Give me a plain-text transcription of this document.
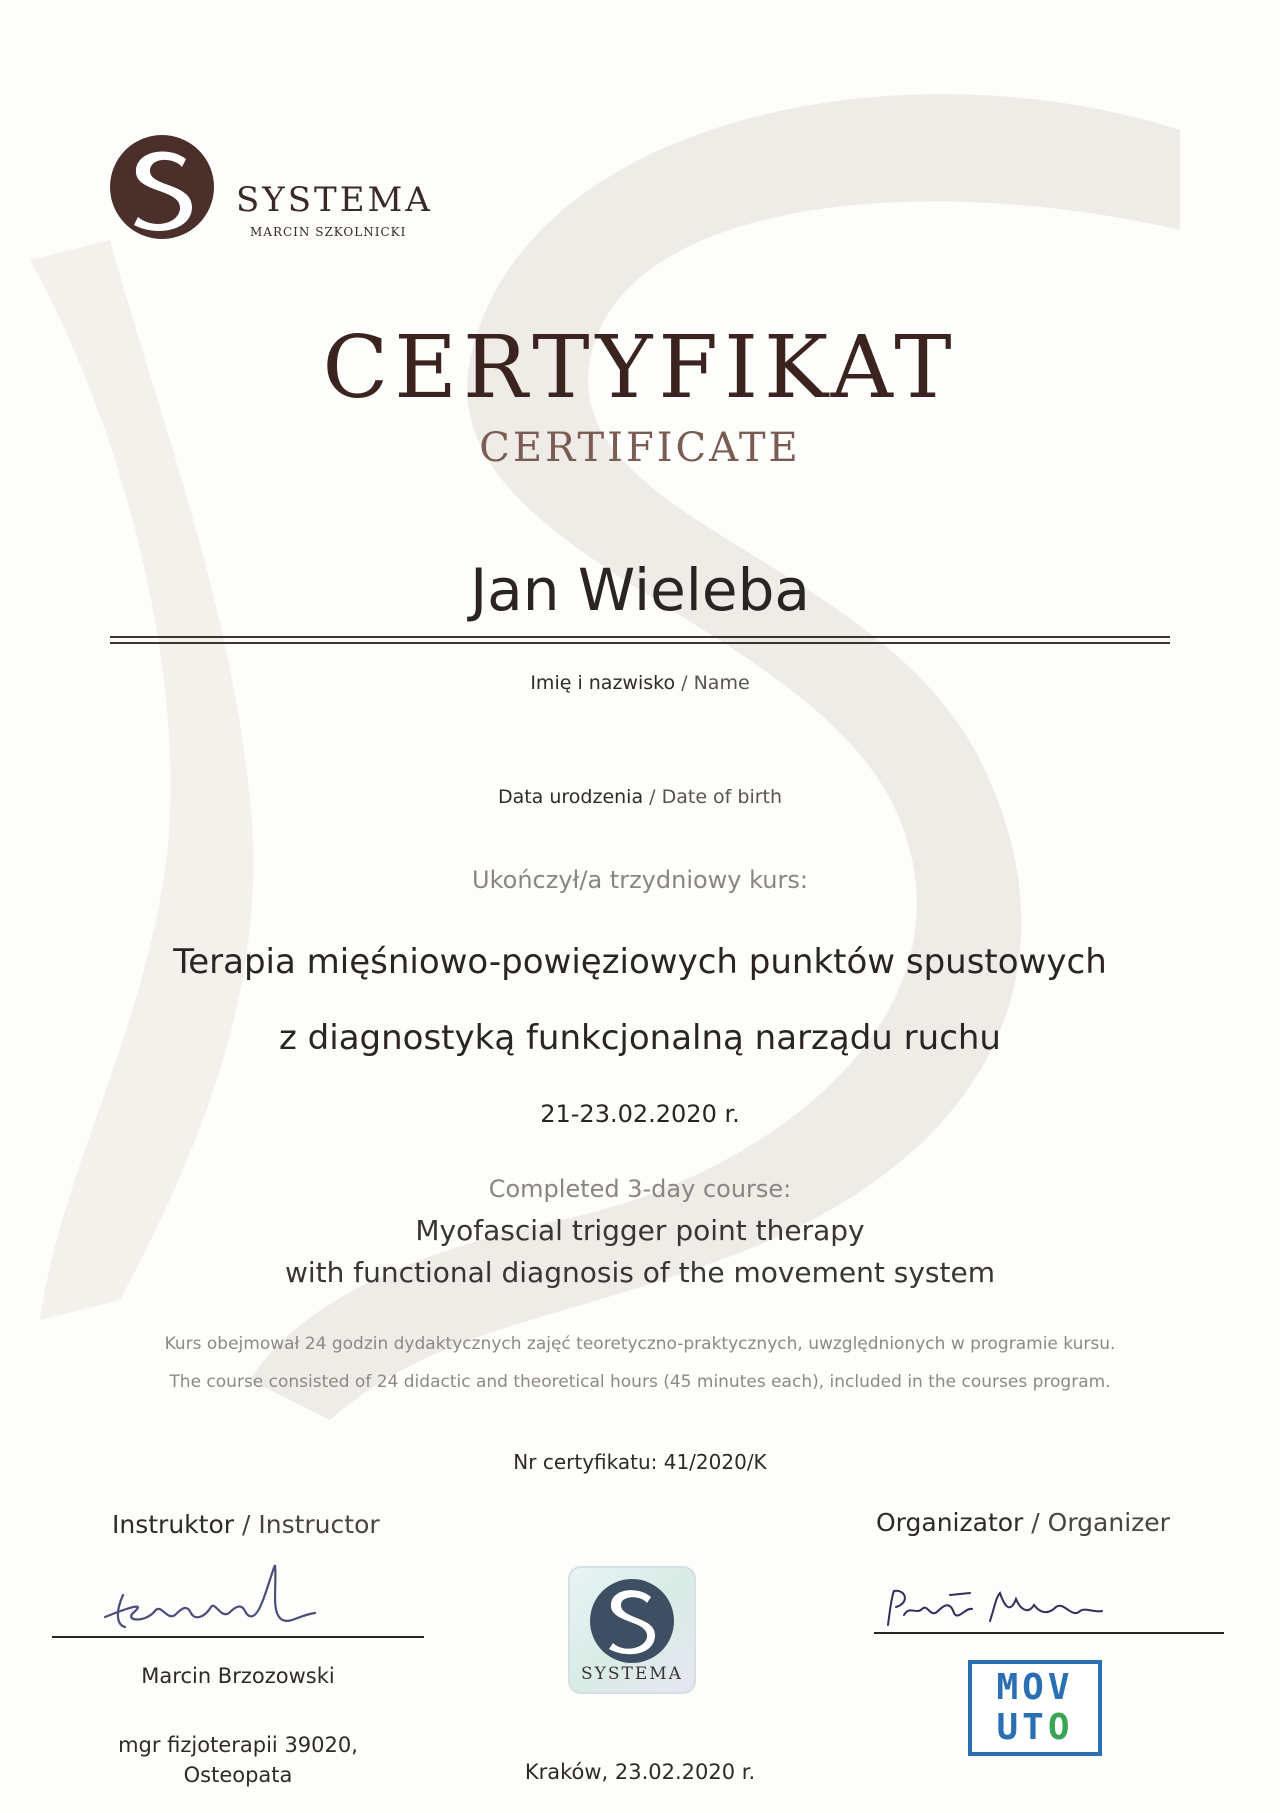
SYSTEMA
MARCIN SZKOLNICKI
CERTYFIKAT
CERTIFICATE
Jan Wieleba
Imię i nazwisko / Name
Data urodzenia / Date of birth
Ukończył/a trzydniowy kurs:
Terapia mięśniowo-powięziowych punktów spustowych
z diagnostyką funkcjonalną narządu ruchu
21-23.02.2020 r.
Completed 3-day course:
Myofascial trigger point therapy
with functional diagnosis of the movement system
Kurs obejmował 24 godzin dydaktycznych zajęć teoretyczno-praktycznych, uwzględnionych w programie kursu.
The course consisted of 24 didactic and theoretical hours (45 minutes each), included in the courses program.
Nr certyfikatu: 41/2020/K
Instruktor / Instructor
Marcin Brzozowski
mgr fizjoterapii 39020,
Osteopata
SYSTEMA
Kraków, 23.02.2020 r.
Organizator / Organizer
MOV
UTO
